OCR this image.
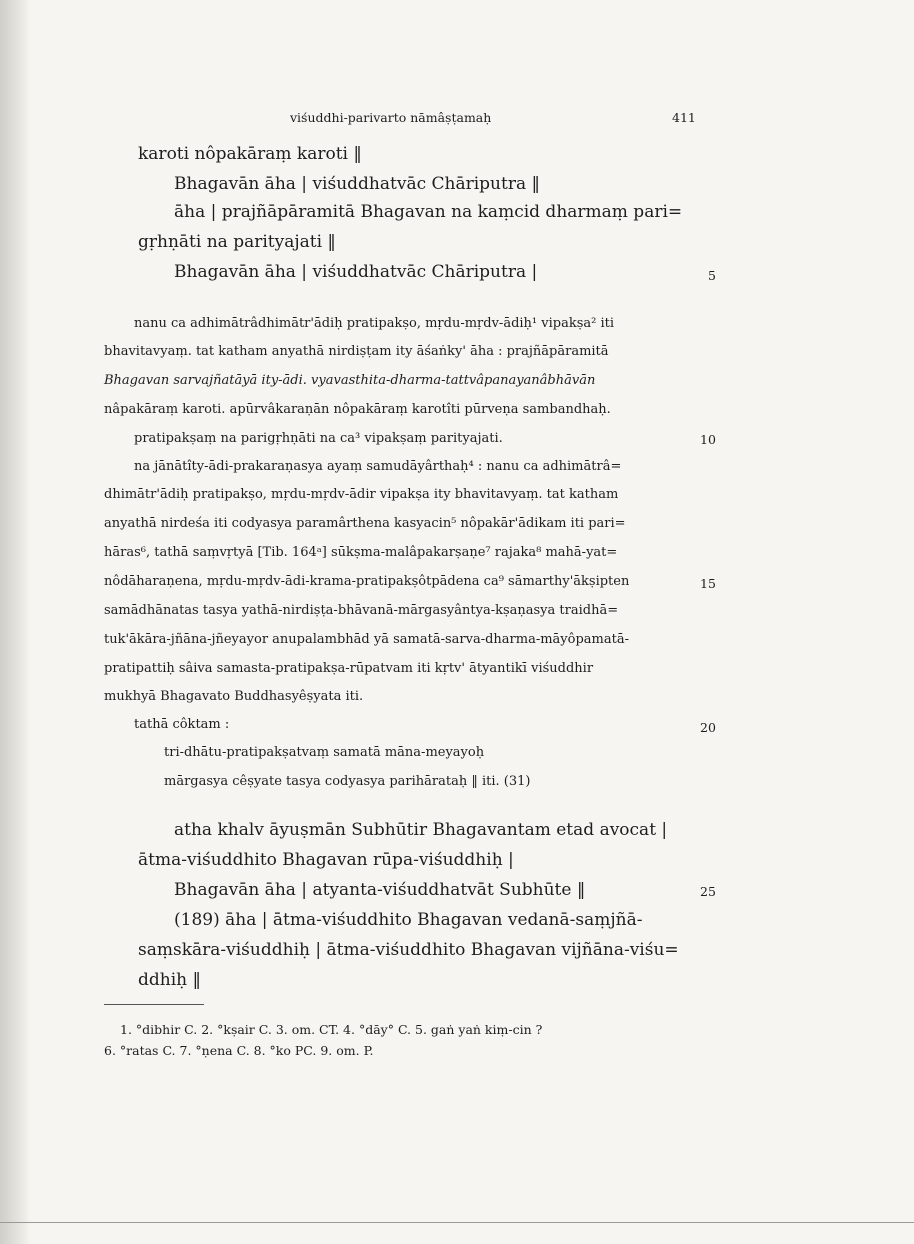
viśuddhi-parivarto nāmâṣṭamaḥ	411
karoti nôpakāraṃ karoti ‖
Bhagavān āha | viśuddhatvāc Chāriputra ‖
āha | prajñāpāramitā Bhagavan na kaṃcid dharmaṃ pari=
gṛhṇāti na parityajati ‖
Bhagavān āha | viśuddhatvāc Chāriputra |
nanu ca adhimātrâdhimātr'ādiḥ pratipakṣo, mṛdu-mṛdv-ādiḥ¹ vipakṣa² iti
bhavitavyaṃ. tat katham anyathā nirdiṣṭam ity āśaṅky' āha : prajñāpāramitā
Bhagavan sarvajñatāyā ity-ādi. vyavasthita-dharma-tattvâpanayanâbhāvān
nâpakāraṃ karoti. apūrvâkaraṇān nôpakāraṃ karotîti pūrveṇa sambandhaḥ.
pratipakṣaṃ na parigṛhṇāti na ca³ vipakṣaṃ parityajati.
na jānātîty-ādi-prakaraṇasya ayaṃ samudāyârthaḥ⁴ : nanu ca adhimātrâ=
dhimātr'ādiḥ pratipakṣo, mṛdu-mṛdv-ādir vipakṣa ity bhavitavyaṃ. tat katham
anyathā nirdeśa iti codyasya paramârthena kasyacin⁵ nôpakār'ādikam iti pari=
hāras⁶, tathā saṃvṛtyā [Tib. 164ᵃ] sūkṣma-malâpakarṣaṇe⁷ rajaka⁸ mahā-yat=
nôdāharaṇena, mṛdu-mṛdv-ādi-krama-pratipakṣôtpādena ca⁹ sāmarthy'ākṣipten
samādhānatas tasya yathā-nirdiṣṭa-bhāvanā-mārgasyântya-kṣaṇasya traidhā=
tuk'ākāra-jñāna-jñeyayor anupalambhād yā samatā-sarva-dharma-māyôpamatā-
pratipattiḥ sâiva samasta-pratipakṣa-rūpatvam iti kṛtv' ātyantikī viśuddhir
mukhyā Bhagavato Buddhasyêṣyata iti.
tathā côktam :
tri-dhātu-pratipakṣatvaṃ samatā māna-meyayoḥ
mārgasya cêṣyate tasya codyasya parihārataḥ ‖ iti. (31)
atha khalv āyuṣmān Subhūtir Bhagavantam etad avocat |
ātma-viśuddhito Bhagavan rūpa-viśuddhiḥ |
Bhagavān āha | atyanta-viśuddhatvāt Subhūte ‖
(189) āha | ātma-viśuddhito Bhagavan vedanā-saṃjñā-
saṃskāra-viśuddhiḥ | ātma-viśuddhito Bhagavan vijñāna-viśu=
ddhiḥ ‖
5
10
15
20
25
1. °dibhir C. 2. °kṣair C. 3. om. CT. 4. °dāy° C. 5. gaṅ yaṅ kiṃ-cin ?
6. °ratas C. 7. °ṇena C. 8. °ko PC. 9. om. P.
